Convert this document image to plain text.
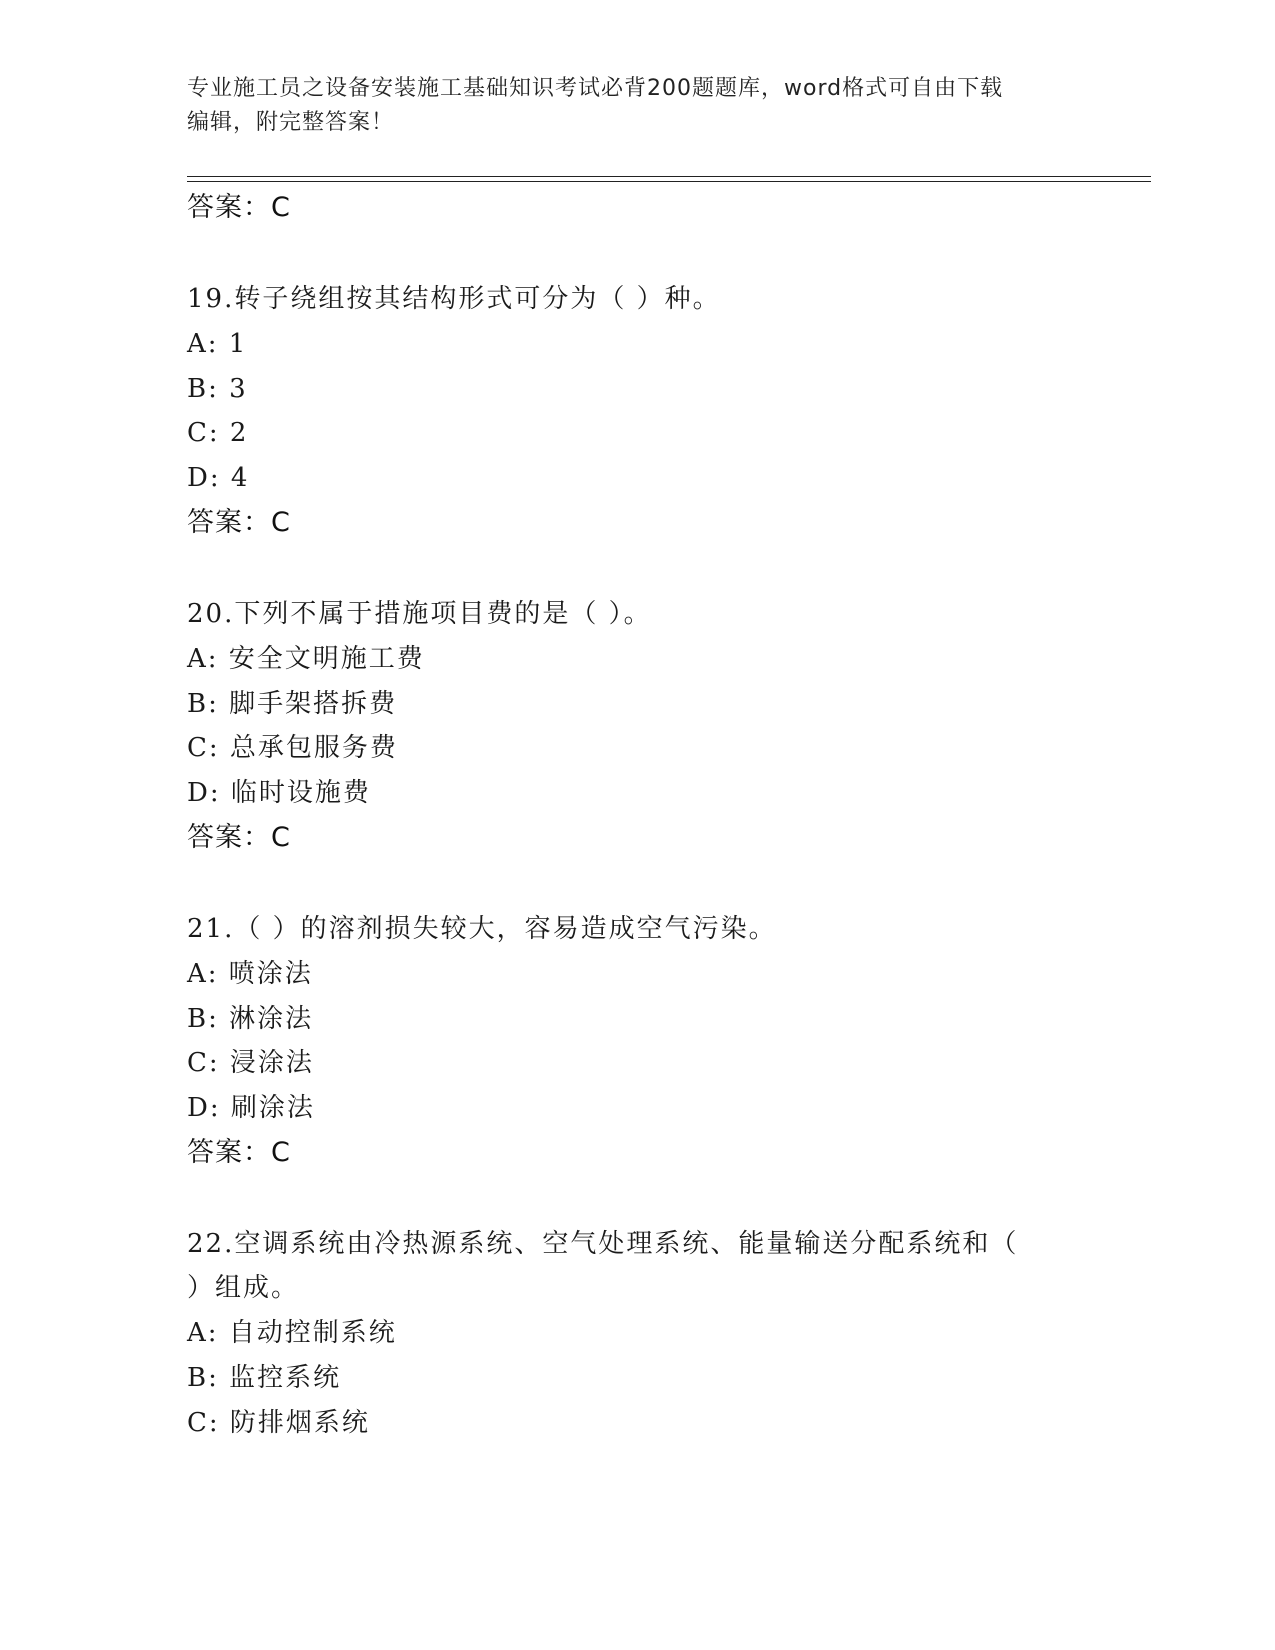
专业施工员之设备安装施工基础知识考试必背200题题库，word格式可自由下载
编辑，附完整答案！
答案：C
19.转子绕组按其结构形式可分为（ ）种。
A: 1
B: 3
C: 2
D: 4
答案：C
20.下列不属于措施项目费的是（ ）。
A: 安全文明施工费
B: 脚手架搭拆费
C: 总承包服务费
D: 临时设施费
答案：C
21.（ ）的溶剂损失较大，容易造成空气污染。
A: 喷涂法
B: 淋涂法
C: 浸涂法
D: 刷涂法
答案：C
22.空调系统由冷热源系统、空气处理系统、能量输送分配系统和（
）组成。
A: 自动控制系统
B: 监控系统
C: 防排烟系统
